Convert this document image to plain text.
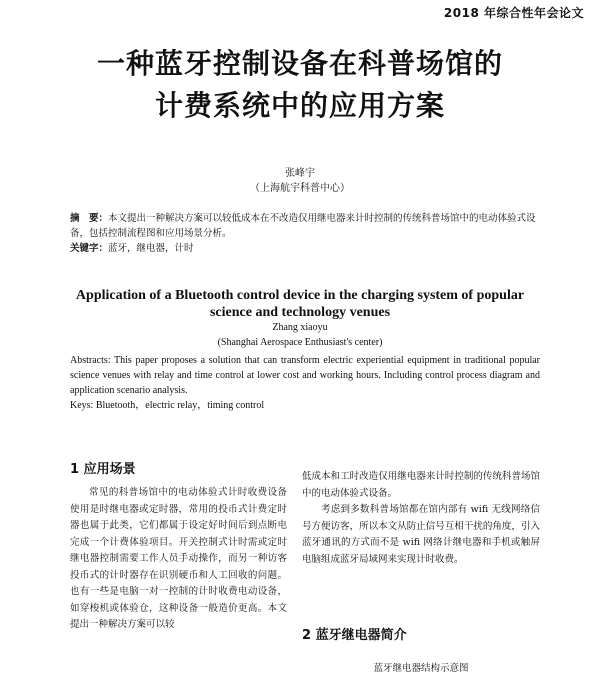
2018 年综合性年会论文
一种蓝牙控制设备在科普场馆的
计费系统中的应用方案
张峰宇
（上海航宇科普中心）
摘　要：本文提出一种解决方案可以较低成本在不改造仅用继电器来计时控制的传统科普场馆中的电动体验式设备，包括控制流程图和应用场景分析。
关键字：蓝牙，继电器，计时
Application of a Bluetooth control device in the charging system of popular
science and technology venues
Zhang xiaoyu
(Shanghai Aerospace Enthusiast's center)
Abstracts: This paper proposes a solution that can transform electric experiential equipment in traditional popular science venues with relay and time control at lower cost and working hours. Including control process diagram and application scenario analysis.
Keys: Bluetooth，electric relay，timing control
1 应用场景
常见的科普场馆中的电动体验式计时收费设备使用是时继电器或定时器，常用的投币式计费定时器也属于此类，它们都属于设定好时间后到点断电完成一个计费体验项目。开关控制式计时需或定时继电器控制需要工作人员手动操作，而另一种访客投币式的计时器存在识别硬币和人工回收的问题。也有一些是电脑一对一控制的计时收费电动设备，如穿梭机或体验仓，这种设备一般造价更高。本文提出一种解决方案可以较
低成本和工时改造仅用继电器来计时控制的传统科普场馆中的电动体验式设备。
考虑到多数科普场馆都在馆内部有 wifi 无线网络信号方便访客，所以本文从防止信号互相干扰的角度，引入蓝牙通讯的方式而不是 wifi 网络计继电器和手机或触屏电脑组成蓝牙局域网来实现计时收费。
2 蓝牙继电器简介
蓝牙继电器结构示意图
